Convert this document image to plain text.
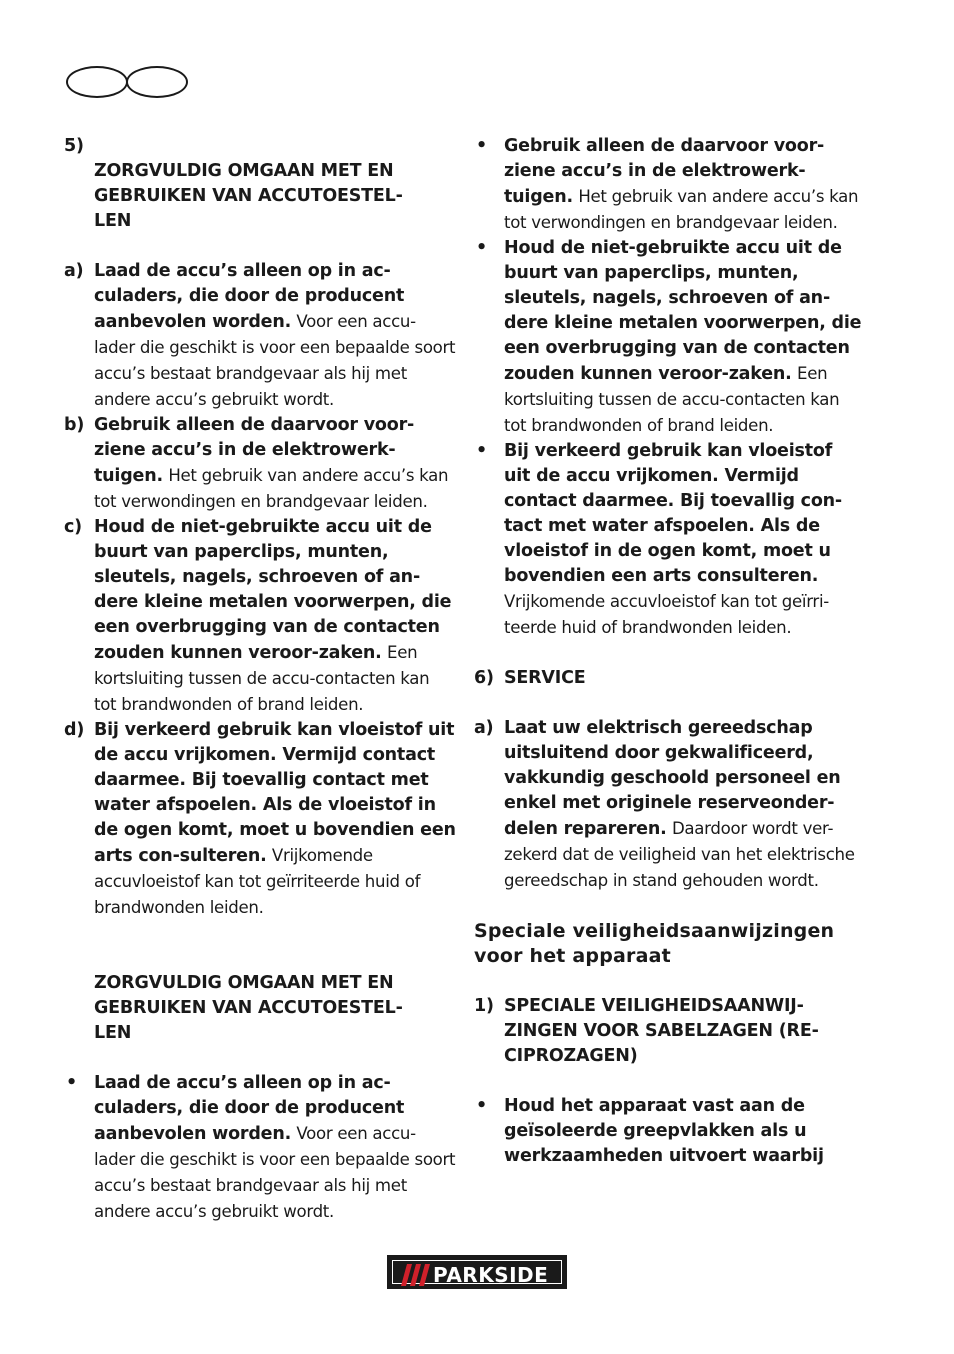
5)
ZORGVULDIG OMGAAN MET EN GEBRUIKEN VAN ACCUTOESTEL-
LEN

a) Laad de accu’s alleen op in ac-culaders, die door de producent aanbevolen worden. Voor een accu-lader die geschikt is voor een bepaalde soort accu’s bestaat brandgevaar als hij met andere accu’s gebruikt wordt.
b) Gebruik alleen de daarvoor voor-ziene accu’s in de elektrowerk-tuigen. Het gebruik van andere accu’s kan tot verwondingen en brandgevaar leiden.
c) Houd de niet-gebruikte accu uit de buurt van paperclips, munten, sleutels, nagels, schroeven of an-dere kleine metalen voorwerpen, die een overbrugging van de contacten zouden kunnen veroor-zaken. Een kortsluiting tussen de accu-contacten kan tot brandwonden of brand leiden.
d) Bij verkeerd gebruik kan vloeistof uit de accu vrijkomen. Vermijd contact daarmee. Bij toevallig contact met water afspoelen. Als de vloeistof in de ogen komt, moet u bovendien een arts con-sulteren. Vrijkomende accuvloeistof kan tot geïrriteerde huid of brandwonden leiden.

ZORGVULDIG OMGAAN MET EN GEBRUIKEN VAN ACCUTOESTEL-
LEN

• Laad de accu’s alleen op in ac-culaders, die door de producent aanbevolen worden. Voor een accu-lader die geschikt is voor een bepaalde soort accu’s bestaat brandgevaar als hij met andere accu’s gebruikt wordt.
• Gebruik alleen de daarvoor voor-ziene accu’s in de elektrowerk-tuigen. Het gebruik van andere accu’s kan tot verwondingen en brandgevaar leiden.
• Houd de niet-gebruikte accu uit de buurt van paperclips, munten, sleutels, nagels, schroeven of an-dere kleine metalen voorwerpen, die een overbrugging van de contacten zouden kunnen veroor-zaken. Een kortsluiting tussen de accu-contacten kan tot brandwonden of brand leiden.
• Bij verkeerd gebruik kan vloeistof uit de accu vrijkomen. Vermijd contact daarmee. Bij toevallig con-tact met water afspoelen. Als de vloeistof in de ogen komt, moet u bovendien een arts consulteren. Vrijkomende accuvloeistof kan tot geïrri-teerde huid of brandwonden leiden.
6) SERVICE
a) Laat uw elektrisch gereedschap uitsluitend door gekwalificeerd, vakkundig geschoold personeel en enkel met originele reserveonder-delen repareren. Daardoor wordt ver-zekerd dat de veiligheid van het elektrische gereedschap in stand gehouden wordt.
Speciale veiligheidsaanwijzingen voor het apparaat
1) SPECIALE VEILIGHEIDSAANWIJ-ZINGEN VOOR SABELZAGEN (RE-CIPROZAGEN)
• Houd het apparaat vast aan de geïsoleerde greepvlakken als u werkzaamheden uitvoert waarbij
PARKSIDE
